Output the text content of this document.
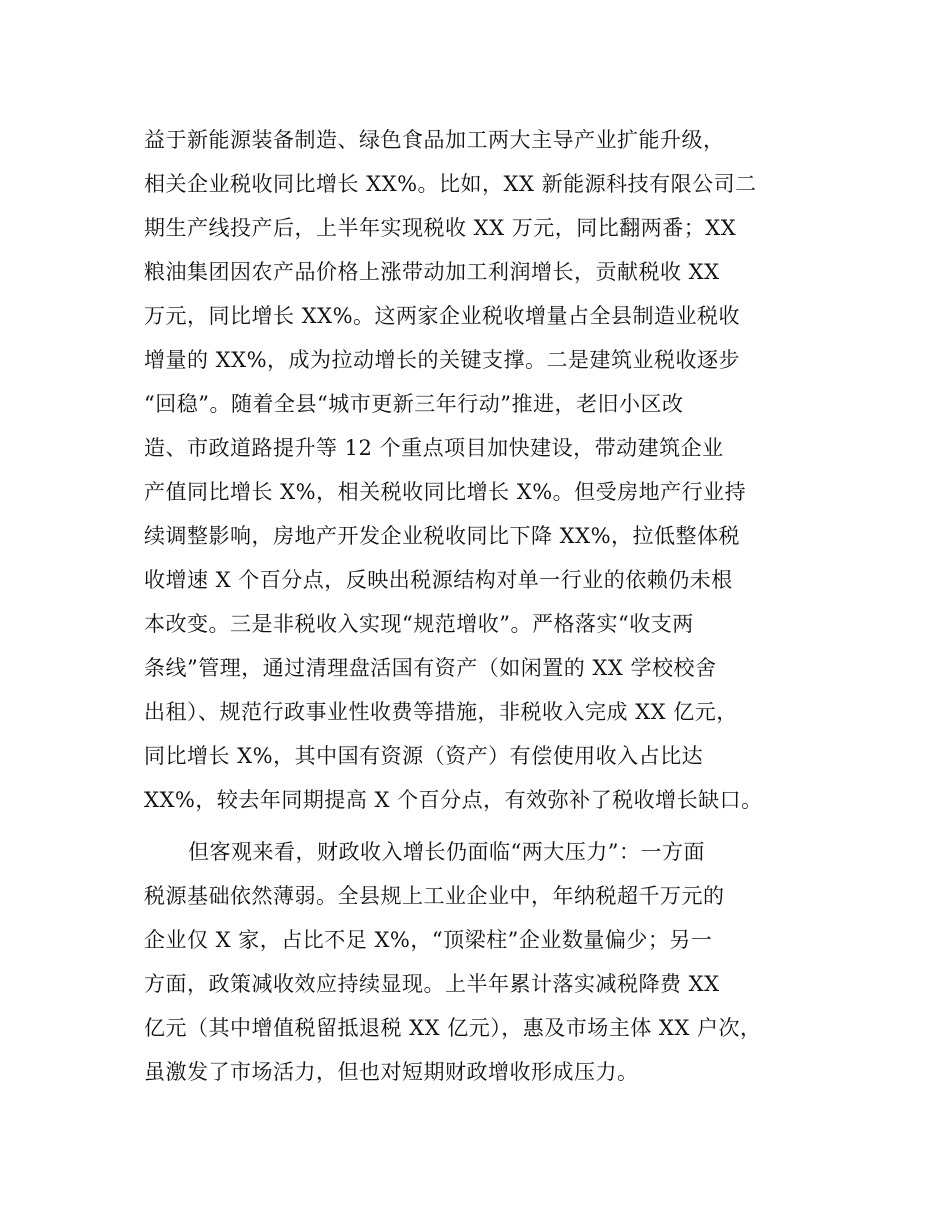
益于新能源装备制造、绿色食品加工两大主导产业扩能升级，
相关企业税收同比增长 XX%。比如，XX 新能源科技有限公司二
期生产线投产后，上半年实现税收 XX 万元，同比翻两番；XX
粮油集团因农产品价格上涨带动加工利润增长，贡献税收 XX
万元，同比增长 XX%。这两家企业税收增量占全县制造业税收
增量的 XX%，成为拉动增长的关键支撑。二是建筑业税收逐步
“回稳”。随着全县“城市更新三年行动”推进，老旧小区改
造、市政道路提升等 12 个重点项目加快建设，带动建筑企业
产值同比增长 X%，相关税收同比增长 X%。但受房地产行业持
续调整影响，房地产开发企业税收同比下降 XX%，拉低整体税
收增速 X 个百分点，反映出税源结构对单一行业的依赖仍未根
本改变。三是非税收入实现“规范增收”。严格落实“收支两
条线”管理，通过清理盘活国有资产（如闲置的 XX 学校校舍
出租）、规范行政事业性收费等措施，非税收入完成 XX 亿元，
同比增长 X%，其中国有资源（资产）有偿使用收入占比达
XX%，较去年同期提高 X 个百分点，有效弥补了税收增长缺口。
但客观来看，财政收入增长仍面临“两大压力”：一方面
税源基础依然薄弱。全县规上工业企业中，年纳税超千万元的
企业仅 X 家，占比不足 X%，“顶梁柱”企业数量偏少；另一
方面，政策减收效应持续显现。上半年累计落实减税降费 XX
亿元（其中增值税留抵退税 XX 亿元），惠及市场主体 XX 户次，
虽激发了市场活力，但也对短期财政增收形成压力。
